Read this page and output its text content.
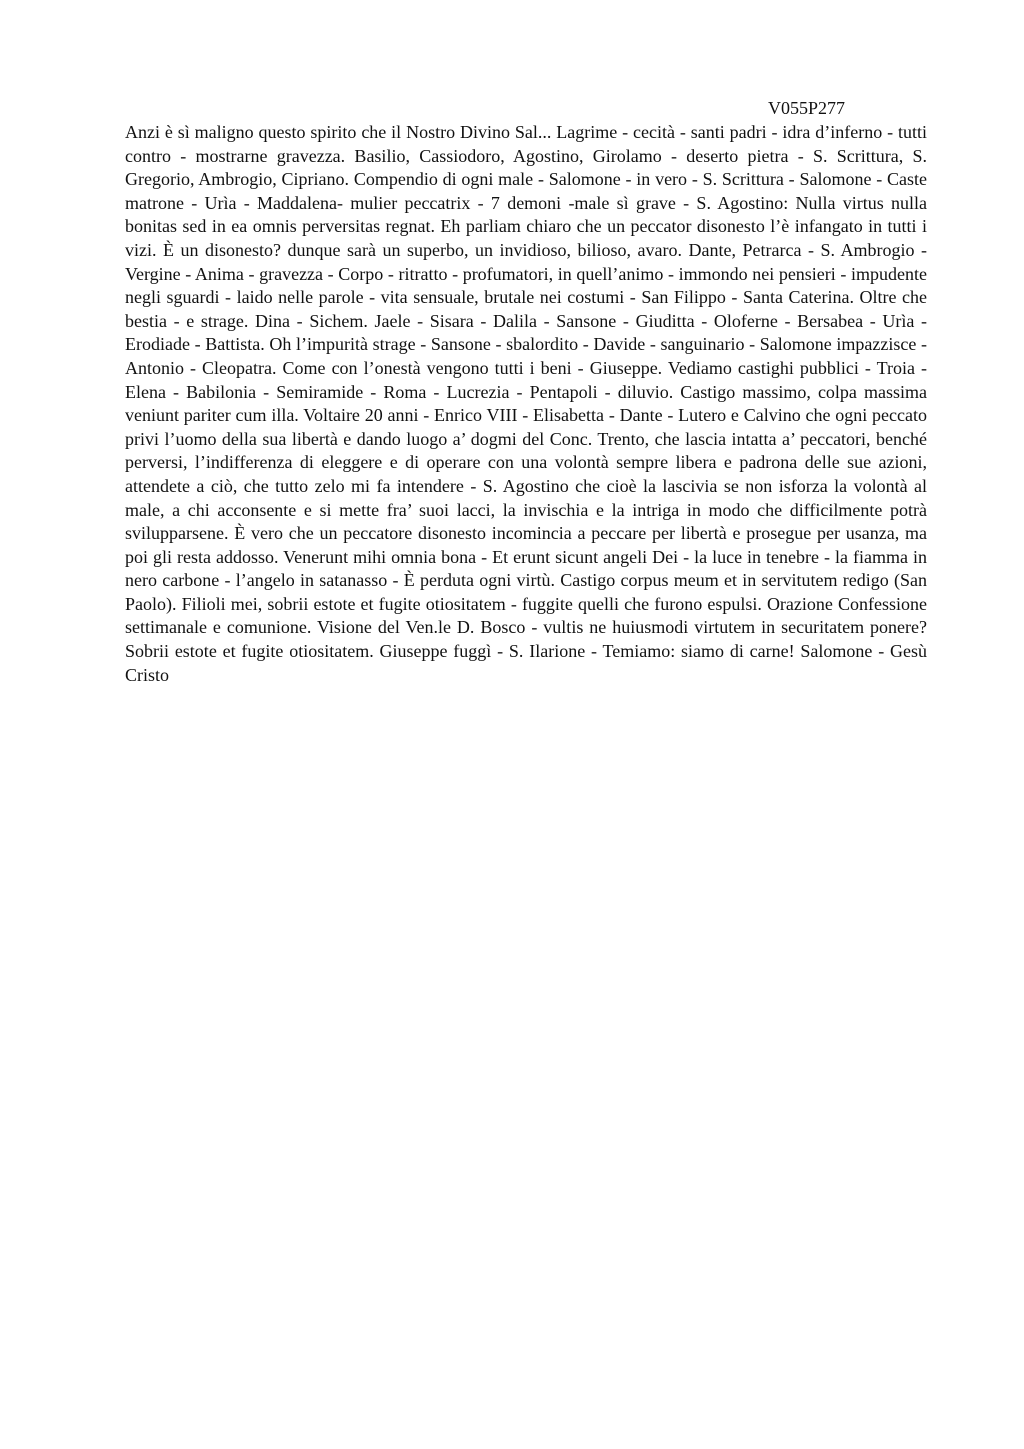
V055P277

Anzi è sì maligno questo spirito che il Nostro Divino Sal... Lagrime - cecità - santi padri - idra d’inferno - tutti contro - mostrarne gravezza. Basilio, Cassiodoro, Agostino, Girolamo - deserto pietra - S. Scrittura, S. Gregorio, Ambrogio, Cipriano. Compendio di ogni male - Salomone - in vero - S. Scrittura - Salomone - Caste matrone - Urìa - Maddalena- mulier peccatrix - 7 demoni -male sì grave - S. Agostino: Nulla virtus nulla bonitas sed in ea omnis perversitas regnat. Eh parliam chiaro che un peccator disonesto l’è infangato in tutti i vizi. È un disonesto? dunque sarà un superbo, un invidioso, bilioso, avaro. Dante, Petrarca - S. Ambrogio - Vergine - Anima - gravezza - Corpo - ritratto - profumatori, in quell’animo - immondo nei pensieri - impudente negli sguardi - laido nelle parole - vita sensuale, brutale nei costumi - San Filippo - Santa Caterina. Oltre che bestia - e strage. Dina - Sichem. Jaele - Sisara - Dalila - Sansone - Giuditta - Oloferne - Bersabea - Urìa - Erodiade - Battista. Oh l’impurità strage - Sansone - sbalordito - Davide - sanguinario - Salomone impazzisce - Antonio - Cleopatra. Come con l’onestà vengono tutti i beni - Giuseppe. Vediamo castighi pubblici - Troia - Elena - Babilonia - Semiramide - Roma - Lucrezia - Pentapoli - diluvio. Castigo massimo, colpa massima veniunt pariter cum illa. Voltaire 20 anni - Enrico VIII - Elisabetta - Dante - Lutero e Calvino che ogni peccato privi l’uomo della sua libertà e dando luogo a’ dogmi del Conc. Trento, che lascia intatta a’ peccatori, benché perversi, l’indifferenza di eleggere e di operare con una volontà sempre libera e padrona delle sue azioni, attendete a ciò, che tutto zelo mi fa intendere - S. Agostino che cioè la lascivia se non isforza la volontà al male, a chi acconsente e si mette fra’ suoi lacci, la invischia e la intriga in modo che difficilmente potrà svilupparsene. È vero che un peccatore disonesto incomincia a peccare per libertà e prosegue per usanza, ma poi gli resta addosso. Venerunt mihi omnia bona - Et erunt sicunt angeli Dei - la luce in tenebre - la fiamma in nero carbone - l’angelo in satanasso - È perduta ogni virtù. Castigo corpus meum et in servitutem redigo (San Paolo). Filioli mei, sobrii estote et fugite otiositatem - fuggite quelli che furono espulsi. Orazione Confessione settimanale e comunione. Visione del Ven.le D. Bosco - vultis ne huiusmodi virtutem in securitatem ponere? Sobrii estote et fugite otiositatem. Giuseppe fuggì - S. Ilarione - Temiamo: siamo di carne! Salomone - Gesù Cristo
